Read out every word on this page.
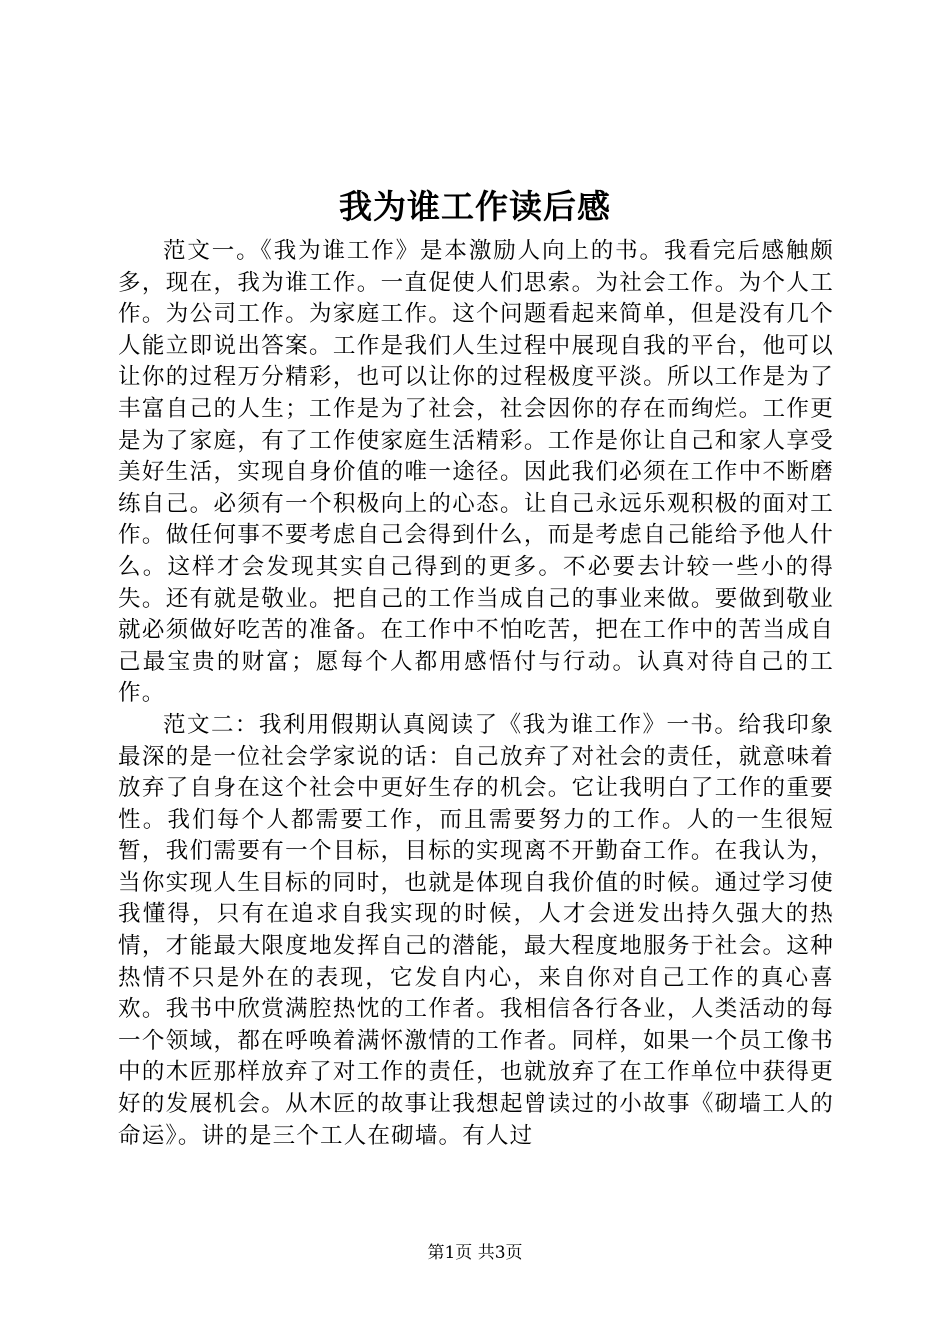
我为谁工作读后感

范文一。《我为谁工作》是本激励人向上的书。我看完后感触颇多，现在，我为谁工作。一直促使人们思索。为社会工作。为个人工作。为公司工作。为家庭工作。这个问题看起来简单，但是没有几个人能立即说出答案。工作是我们人生过程中展现自我的平台，他可以让你的过程万分精彩，也可以让你的过程极度平淡。所以工作是为了丰富自己的人生；工作是为了社会，社会因你的存在而绚烂。工作更是为了家庭，有了工作使家庭生活精彩。工作是你让自己和家人享受美好生活，实现自身价值的唯一途径。因此我们必须在工作中不断磨练自己。必须有一个积极向上的心态。让自己永远乐观积极的面对工作。做任何事不要考虑自己会得到什么，而是考虑自己能给予他人什么。这样才会发现其实自己得到的更多。不必要去计较一些小的得失。还有就是敬业。把自己的工作当成自己的事业来做。要做到敬业就必须做好吃苦的准备。在工作中不怕吃苦，把在工作中的苦当成自己最宝贵的财富；愿每个人都用感悟付与行动。认真对待自己的工作。

范文二：我利用假期认真阅读了《我为谁工作》一书。给我印象最深的是一位社会学家说的话：自己放弃了对社会的责任，就意味着放弃了自身在这个社会中更好生存的机会。它让我明白了工作的重要性。我们每个人都需要工作，而且需要努力的工作。人的一生很短暂，我们需要有一个目标，目标的实现离不开勤奋工作。在我认为，当你实现人生目标的同时，也就是体现自我价值的时候。通过学习使我懂得，只有在追求自我实现的时候，人才会迸发出持久强大的热情，才能最大限度地发挥自己的潜能，最大程度地服务于社会。这种热情不只是外在的表现，它发自内心，来自你对自己工作的真心喜欢。我书中欣赏满腔热忱的工作者。我相信各行各业，人类活动的每一个领域，都在呼唤着满怀激情的工作者。同样，如果一个员工像书中的木匠那样放弃了对工作的责任，也就放弃了在工作单位中获得更好的发展机会。从木匠的故事让我想起曾读过的小故事《砌墙工人的命运》。讲的是三个工人在砌墙。有人过

第1页 共3页
